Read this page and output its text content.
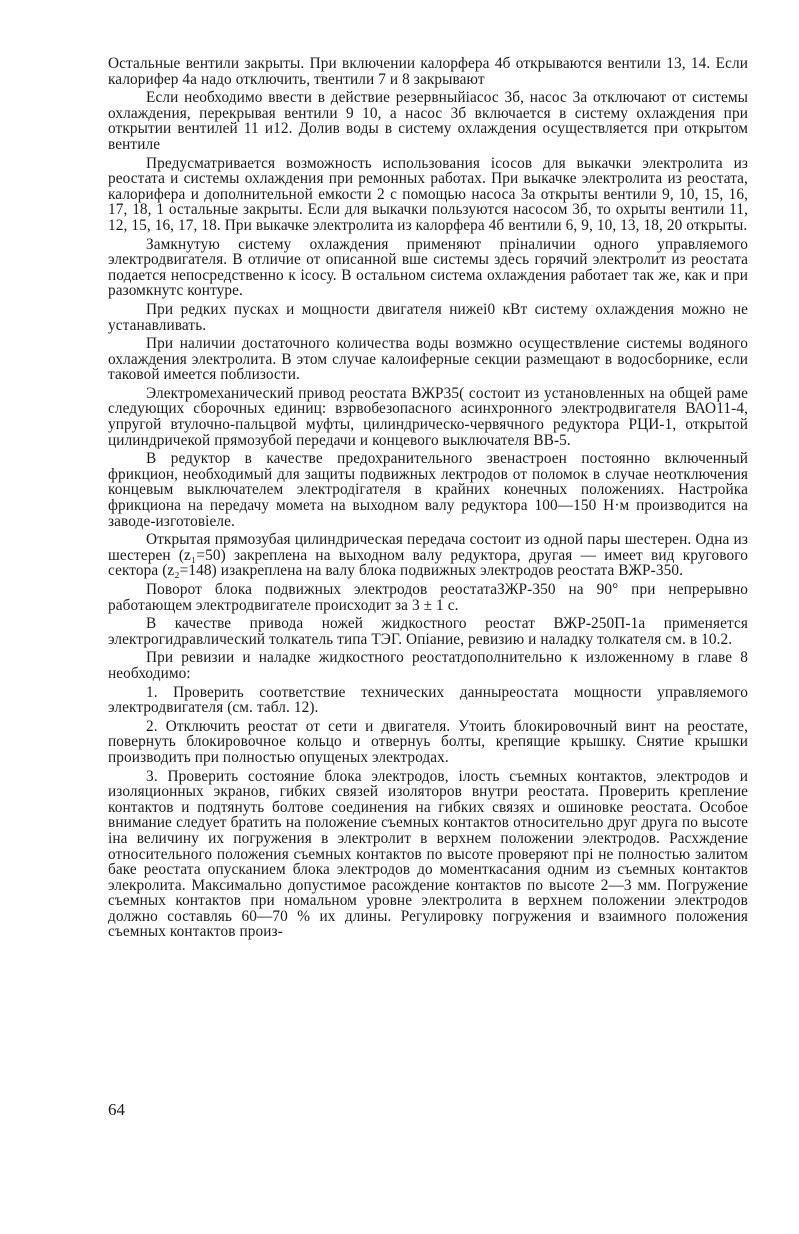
Остальные вентили закрыты. При включении калорфера 4б открываются вентили 13, 14. Если калорифер 4а надо отключить, твентили 7 и 8 закрывают

Если необходимо ввести в действие резервныйiасос 3б, насос 3а отключают от системы охлаждения, перекрывая вентили 9 10, а насос 3б включается в систему охлаждения при открытии вентилей 11 и12. Долив воды в систему охлаждения осуществляется при открытом вентиле

Предусматривается возможность использования iсосов для выкачки электролита из реостата и системы охлаждения при ремонных работах. При выкачке электролита из реостата, калорифера и дополнительной емкости 2 с помощью насоса 3а открыты вентили 9, 10, 15, 16, 17, 18, 1 остальные закрыты. Если для выкачки пользуются насосом 3б, то охрыты вентили 11, 12, 15, 16, 17, 18. При выкачке электролита из калорфера 4б вентили 6, 9, 10, 13, 18, 20 открыты.

Замкнутую систему охлаждения применяют прiналичии одного управляемого электродвигателя. В отличие от описанной вше системы здесь горячий электролит из реостата подается непосредственно к iсосу. В остальном система охлаждения работает так же, как и при разомкнутс контуре.

При редких пусках и мощности двигателя нижеi0 кВт систему охлаждения можно не устанавливать.

При наличии достаточного количества воды возмжно осуществление системы водяного охлаждения электролита. В этом случае калоиферные секции размещают в водосборнике, если таковой имеется поблизости.

Электромеханический привод реостата ВЖР35( состоит из установленных на общей раме следующих сборочных единиц: взрвобезопасного асинхронного электродвигателя ВАО11-4, упругой втулочно-пальцвой муфты, цилиндрическо-червячного редуктора РЦИ-1, открытой цилиндричекой прямозубой передачи и концевого выключателя ВВ-5.

В редуктор в качестве предохранительного звенастроен постоянно включенный фрикцион, необходимый для защиты подвижных лектродов от поломок в случае неотключения концевым выключателем электродiгателя в крайних конечных положениях. Настройка фрикциона на передачу момета на выходном валу редуктора 100—150 Н·м производится на заводе-изготовiеле.

Открытая прямозубая цилиндрическая передача состоит из одной пары шестерен. Одна из шестерен (z₁=50) закреплена на выходном валу редуктора, другая — имеет вид кругового сектора (z₂=148) изакреплена на валу блока подвижных электродов реостата ВЖР-350.

Поворот блока подвижных электродов реостатаЗЖР-350 на 90° при непрерывно работающем электродвигателе происходит за 3 ± 1 с.

В качестве привода ножей жидкостного реостат ВЖР-250П-1а применяется электрогидравлический толкатель типа ТЭГ. Опiание, ревизию и наладку толкателя см. в 10.2.

При ревизии и наладке жидкостного реостатдополнительно к изложенному в главе 8 необходимо:

1. Проверить соответствие технических данныреостата мощности управляемого электродвигателя (см. табл. 12).

2. Отключить реостат от сети и двигателя. Утоить блокировочный винт на реостате, повернуть блокировочное кольцо и отвернуь болты, крепящие крышку. Снятие крышки производить при полностью опущеных электродах.

3. Проверить состояние блока электродов, iлость съемных контактов, электродов и изоляционных экранов, гибких связей изоляторов внутри реостата. Проверить крепление контактов и подтянуть болтове соединения на гибких связях и ошиновке реостата. Особое внимание следует братить на положение съемных контактов относительно друг друга по высоте iна величину их погружения в электролит в верхнем положении электродов. Расхждение относительного положения съемных контактов по высоте проверяют прi не полностью залитом баке реостата опусканием блока электродов до моменткасания одним из съемных контактов элекролита. Максимально допустимое расождение контактов по высоте 2—3 мм. Погружение съемных контактов при номальном уровне электролита в верхнем положении электродов должно составляь 60—70 % их длины. Регулировку погружения и взаимного положения съемных контактов произ-

64
